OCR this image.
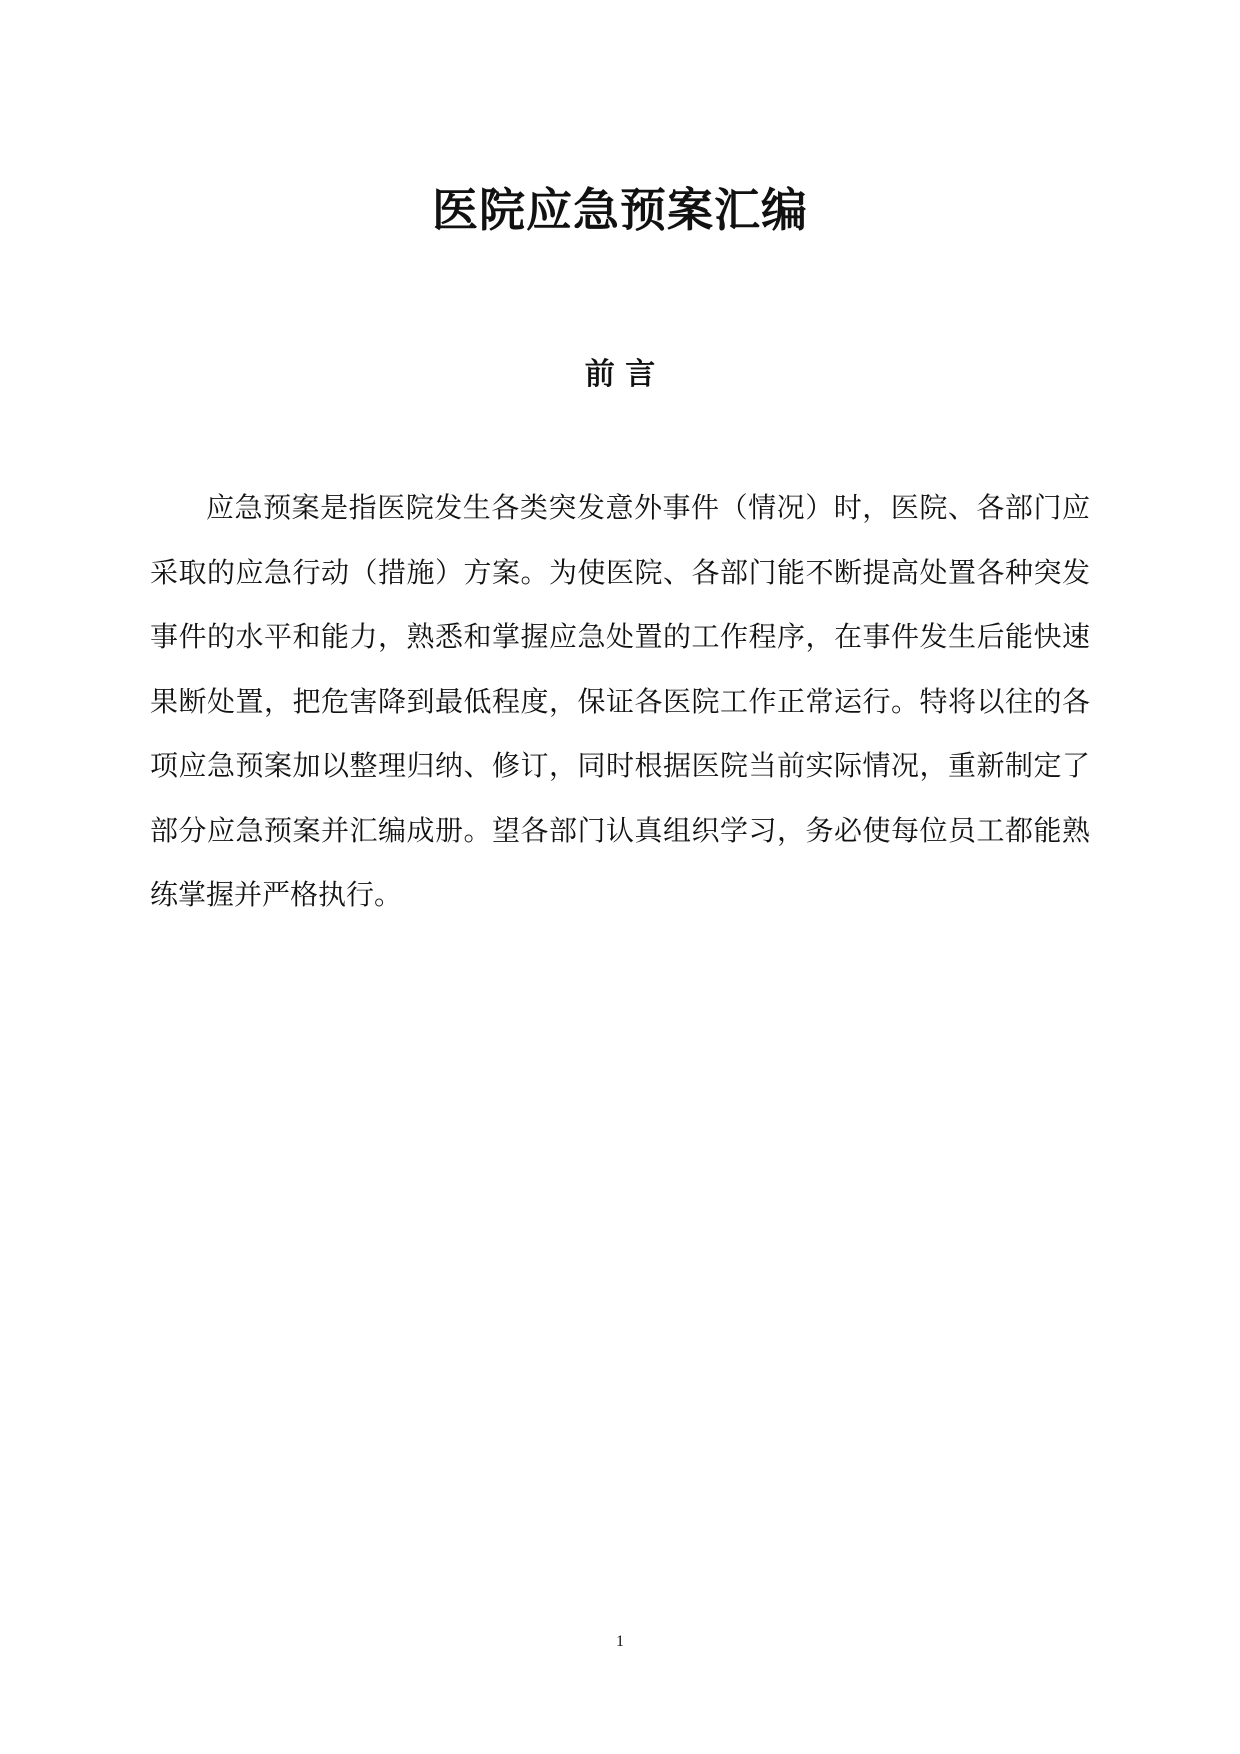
医院应急预案汇编
前 言

应急预案是指医院发生各类突发意外事件（情况）时，医院、各部门应采取的应急行动（措施）方案。为使医院、各部门能不断提高处置各种突发事件的水平和能力，熟悉和掌握应急处置的工作程序，在事件发生后能快速果断处置，把危害降到最低程度，保证各医院工作正常运行。特将以往的各项应急预案加以整理归纳、修订，同时根据医院当前实际情况，重新制定了部分应急预案并汇编成册。望各部门认真组织学习，务必使每位员工都能熟练掌握并严格执行。

1
